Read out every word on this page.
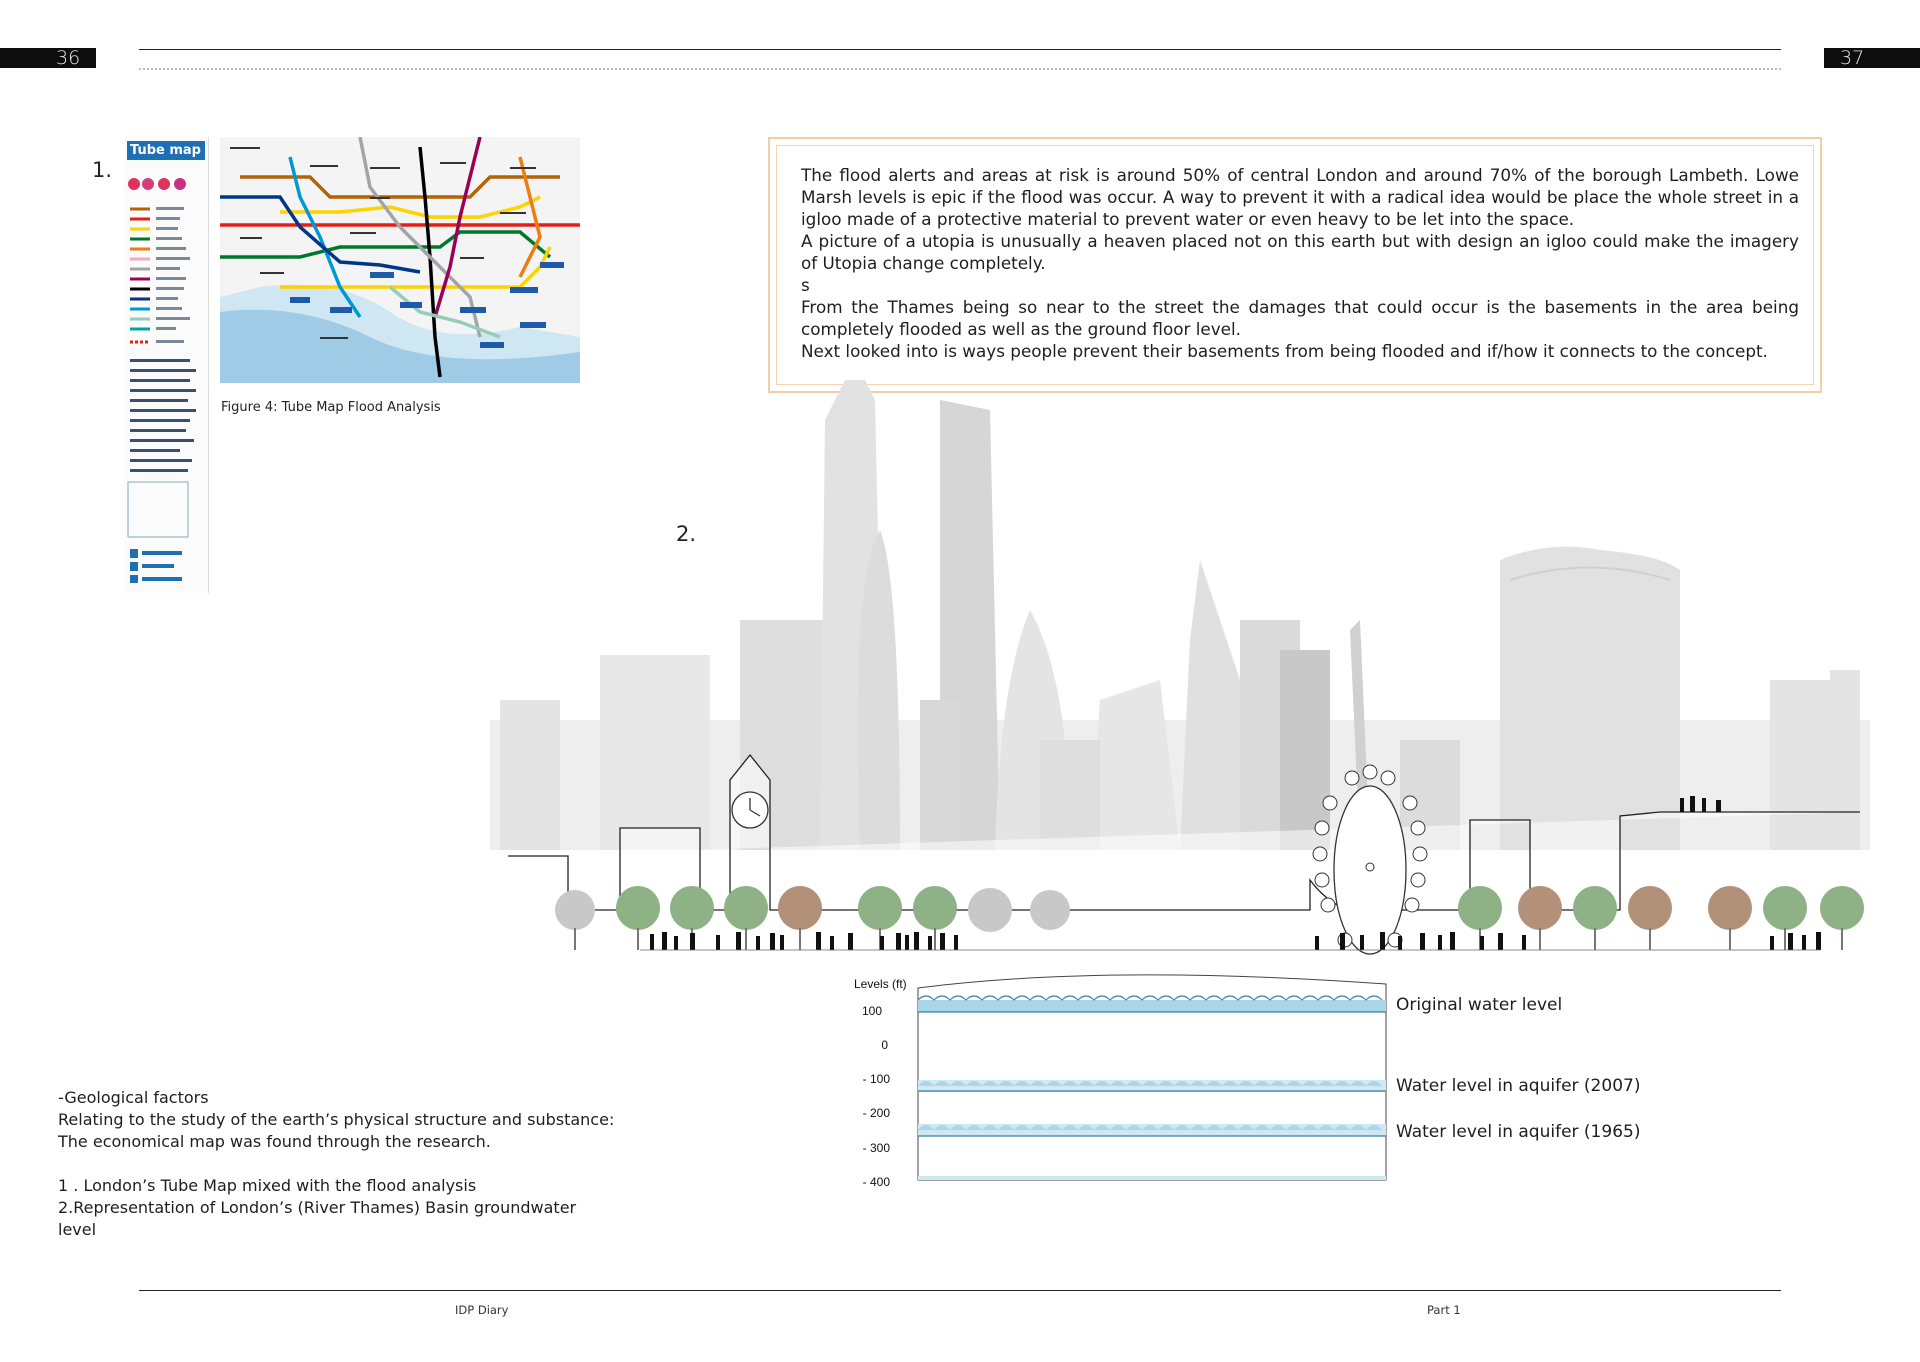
36	37
1.
Tube map
Figure 4: Tube Map Flood Analysis

The flood alerts and areas at risk is around 50% of central London and around 70% of the borough Lambeth. Lowe Marsh levels is epic if the flood was occur. A way to prevent it with a radical idea would be place the whole street in a igloo made of a protective material to prevent water or even heavy to be let into the space.

A picture of a utopia is unusually a heaven placed not on this earth but with design an igloo could make the imagery of Utopia change completely.

s

From the Thames being so near to the street the damages that could occur is the basements in the area being completely flooded as well as the ground floor level.

Next looked into is ways people prevent their basements from being flooded and if/how it connects to the concept.

2.
Levels (ft)
100
0
- 100
- 200
- 300
- 400
Original water level
Water level in aquifer (2007)
Water level in aquifer (1965)

-Geological factors

Relating to the study of the earth’s physical structure and substance:

The economical map was found through the research.

1 . London’s Tube Map mixed with the flood analysis

2.Representation of London’s (River Thames) Basin groundwater level

IDP Diary	Part 1
